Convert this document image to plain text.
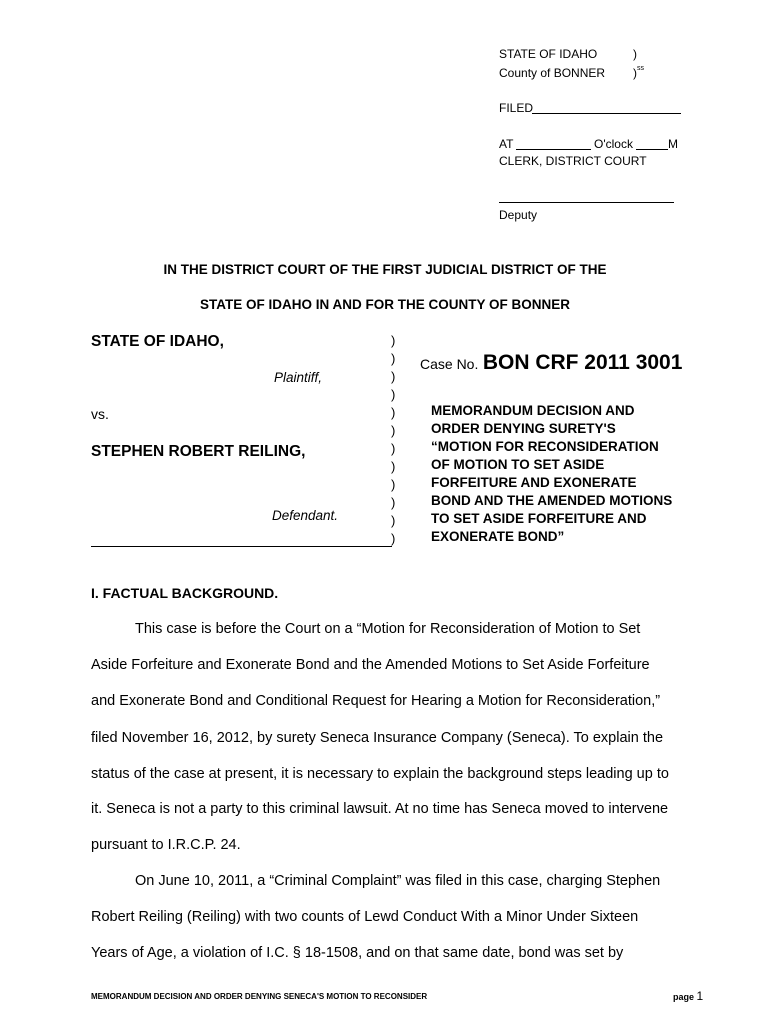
STATE OF IDAHO	)
County of BONNER )$^{ss}$
FILED
AT	O'clock	M
CLERK, DISTRICT COURT
Deputy
IN THE DISTRICT COURT OF THE FIRST JUDICIAL DISTRICT OF THE
STATE OF IDAHO IN AND FOR THE COUNTY OF BONNER
STATE OF IDAHO,
Plaintiff,
vs.
STEPHEN ROBERT REILING,
Defendant.
)
)
)
)
)
)
)
)
)
)
)
)
Case No. BON CRF 2011 3001
MEMORANDUM DECISION AND
ORDER DENYING SURETY'S
“MOTION FOR RECONSIDERATION
OF MOTION TO SET ASIDE
FORFEITURE AND EXONERATE
BOND AND THE AMENDED MOTIONS
TO SET ASIDE FORFEITURE AND
EXONERATE BOND”
I. FACTUAL BACKGROUND.
This case is before the Court on a “Motion for Reconsideration of Motion to Set
Aside Forfeiture and Exonerate Bond and the Amended Motions to Set Aside Forfeiture
and Exonerate Bond and Conditional Request for Hearing a Motion for Reconsideration,”
filed November 16, 2012, by surety Seneca Insurance Company (Seneca). To explain the
status of the case at present, it is necessary to explain the background steps leading up to
it. Seneca is not a party to this criminal lawsuit. At no time has Seneca moved to intervene
pursuant to I.R.C.P. 24.
On June 10, 2011, a “Criminal Complaint” was filed in this case, charging Stephen
Robert Reiling (Reiling) with two counts of Lewd Conduct With a Minor Under Sixteen
Years of Age, a violation of I.C. § 18-1508, and on that same date, bond was set by
MEMORANDUM DECISION AND ORDER DENYING SENECA'S MOTION TO RECONSIDER	page 1
